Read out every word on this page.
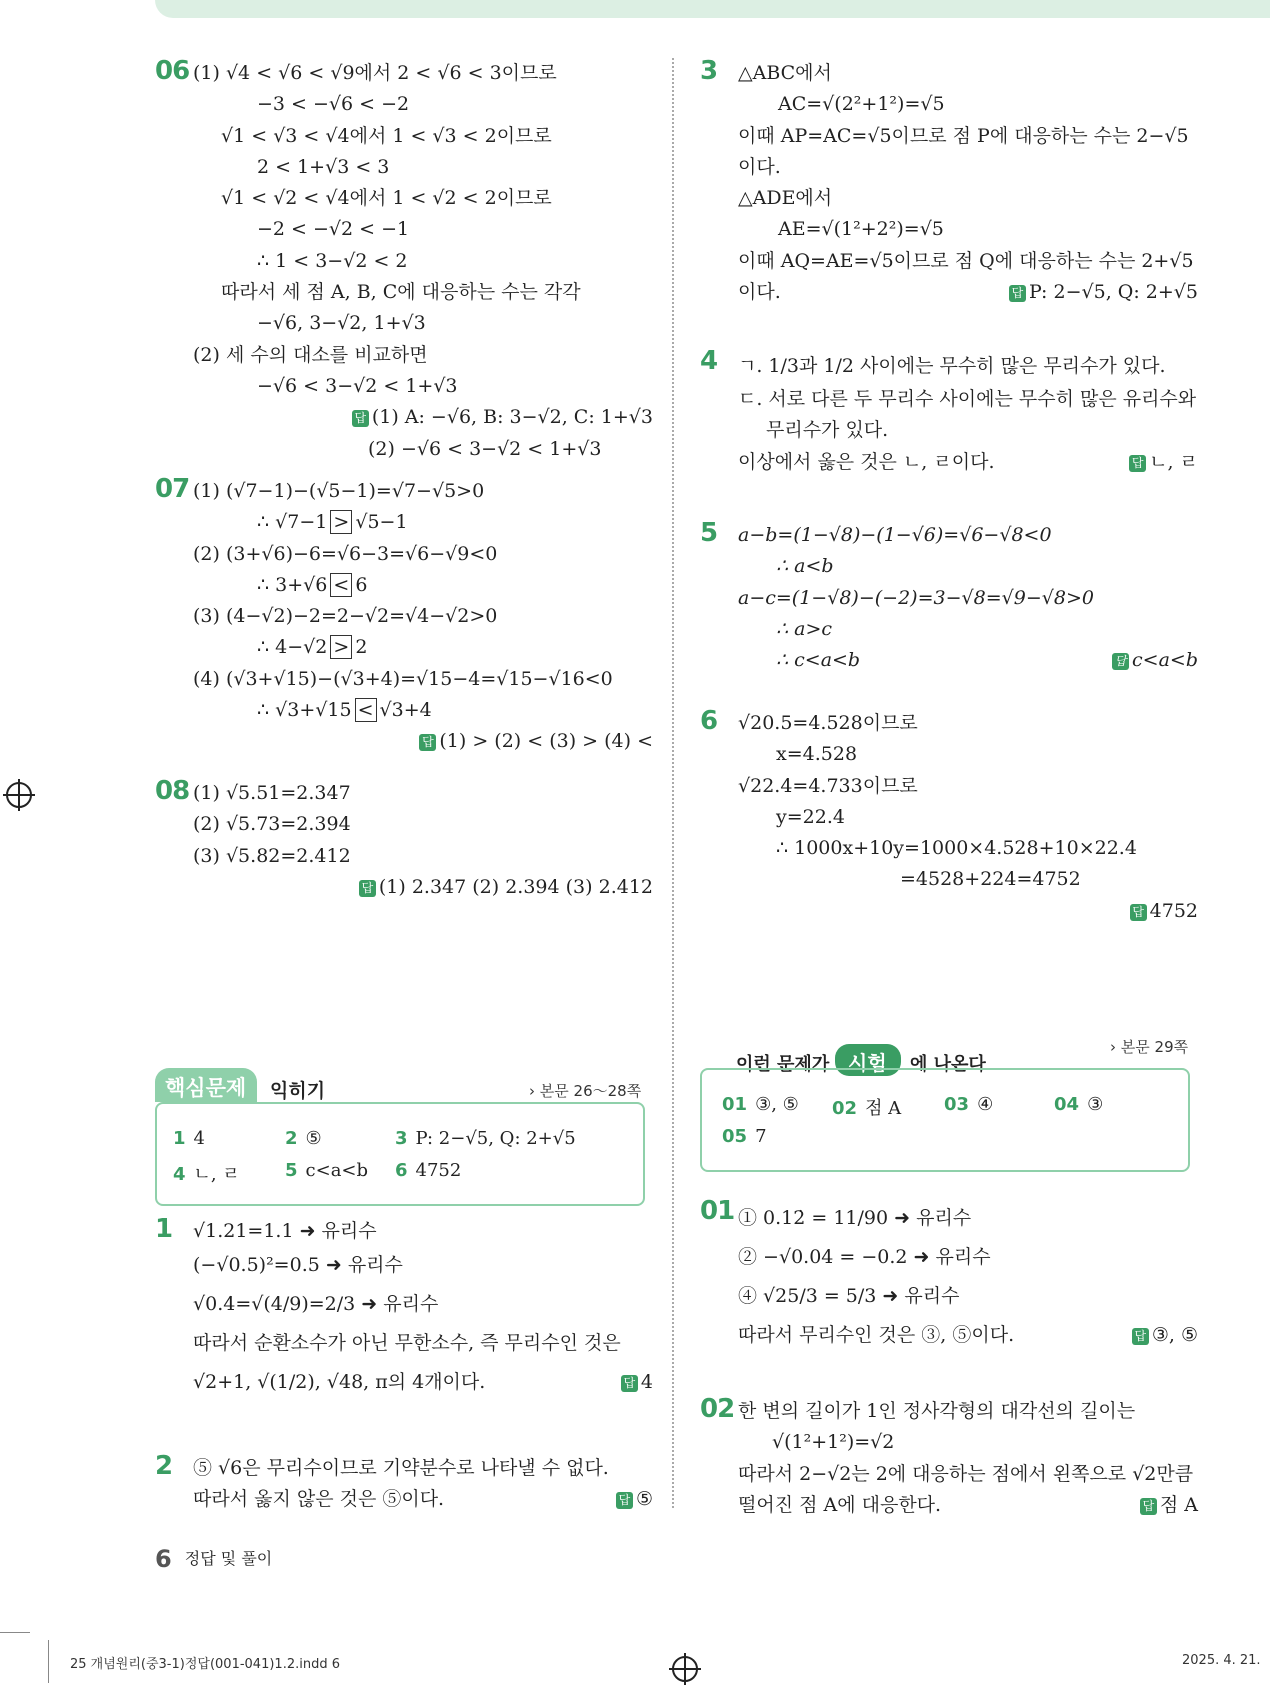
06 (1) √4 < √6 < √9에서 2 < √6 < 3이므로
−3 < −√6 < −2
√1 < √3 < √4에서 1 < √3 < 2이므로
2 < 1+√3 < 3
√1 < √2 < √4에서 1 < √2 < 2이므로
−2 < −√2 < −1
∴ 1 < 3−√2 < 2
따라서 세 점 A, B, C에 대응하는 수는 각각
−√6, 3−√2, 1+√3
(2) 세 수의 대소를 비교하면
−√6 < 3−√2 < 1+√3
답 (1) A: −√6, B: 3−√2, C: 1+√3
(2) −√6 < 3−√2 < 1+√3
07 (1) (√7−1)−(√5−1)=√7−√5>0
∴ √7−1 > √5−1
(2) (3+√6)−6=√6−3=√6−√9<0
∴ 3+√6 < 6
(3) (4−√2)−2=2−√2=√4−√2>0
∴ 4−√2 > 2
(4) (√3+√15)−(√3+4)=√15−4=√15−√16<0
∴ √3+√15 < √3+4
답 (1) > (2) < (3) > (4) <
08 (1) √5.51=2.347
(2) √5.73=2.394
(3) √5.82=2.412
답 (1) 2.347 (2) 2.394 (3) 2.412
핵심문제 익히기	› 본문 26〜28쪽
1 4	2 ⑤	3 P: 2−√5, Q: 2+√5
4 ㄴ, ㄹ	5 c<a<b 6 4752
1 √1.21=1.1 ➜ 유리수
(−√0.5)²=0.5 ➜ 유리수
√0.4̇=√(4/9)=2/3 ➜ 유리수
따라서 순환소수가 아닌 무한소수, 즉 무리수인 것은
√2+1, √(1/2), √48, π의 4개이다.	답 4
2 ⑤ √6은 무리수이므로 기약분수로 나타낼 수 없다.
따라서 옳지 않은 것은 ⑤이다.	답 ⑤
3 △ABC에서
AC=√(2²+1²)=√5
이때 AP=AC=√5이므로 점 P에 대응하는 수는 2−√5
이다.
△ADE에서
AE=√(1²+2²)=√5
이때 AQ=AE=√5이므로 점 Q에 대응하는 수는 2+√5
이다.	답 P: 2−√5, Q: 2+√5
4 ㄱ. 1/3과 1/2 사이에는 무수히 많은 무리수가 있다.
ㄷ. 서로 다른 두 무리수 사이에는 무수히 많은 유리수와
무리수가 있다.
이상에서 옳은 것은 ㄴ, ㄹ이다.	답 ㄴ, ㄹ
5 a−b=(1−√8)−(1−√6)=√6−√8<0
∴ a<b
a−c=(1−√8)−(−2)=3−√8=√9−√8>0
∴ a>c
∴ c<a<b	답 c<a<b
6 √20.5=4.528이므로
x=4.528
√22.4=4.733이므로
y=22.4
∴ 1000x+10y=1000×4.528+10×22.4
=4528+224=4752
답 4752
이런 문제가 시험 에 나온다
› 본문 29쪽
01 ③, ⑤ 02 점 A 03 ④	04 ③
05 7
01 ① 0.12̇ = 11/90 ➜ 유리수
② −√0.04 = −0.2 ➜ 유리수
④ √25/3 = 5/3 ➜ 유리수
따라서 무리수인 것은 ③, ⑤이다.	답 ③, ⑤
02 한 변의 길이가 1인 정사각형의 대각선의 길이는
√(1²+1²)=√2
따라서 2−√2는 2에 대응하는 점에서 왼쪽으로 √2만큼
떨어진 점 A에 대응한다.	답 점 A
6 정답 및 풀이
25 개념원리(중3-1)정답(001-041)1.2.indd 6	2025. 4. 21.
